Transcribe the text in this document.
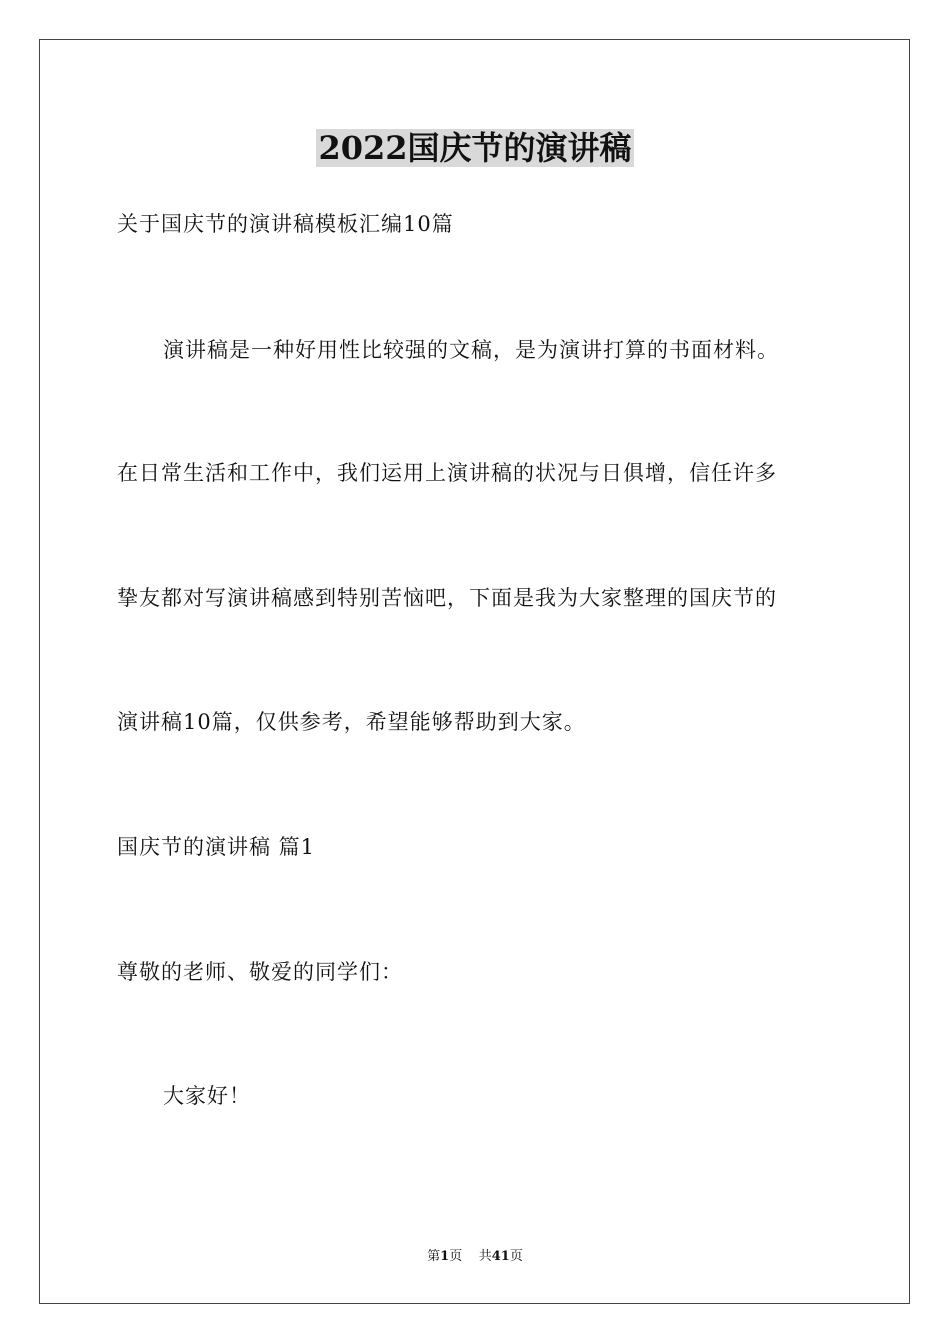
2022国庆节的演讲稿
关于国庆节的演讲稿模板汇编10篇
演讲稿是一种好用性比较强的文稿，是为演讲打算的书面材料。
在日常生活和工作中，我们运用上演讲稿的状况与日俱增，信任许多
挚友都对写演讲稿感到特别苦恼吧，下面是我为大家整理的国庆节的
演讲稿10篇，仅供参考，希望能够帮助到大家。
国庆节的演讲稿 篇1
尊敬的老师、敬爱的同学们：
大家好！
第1页 共41页
